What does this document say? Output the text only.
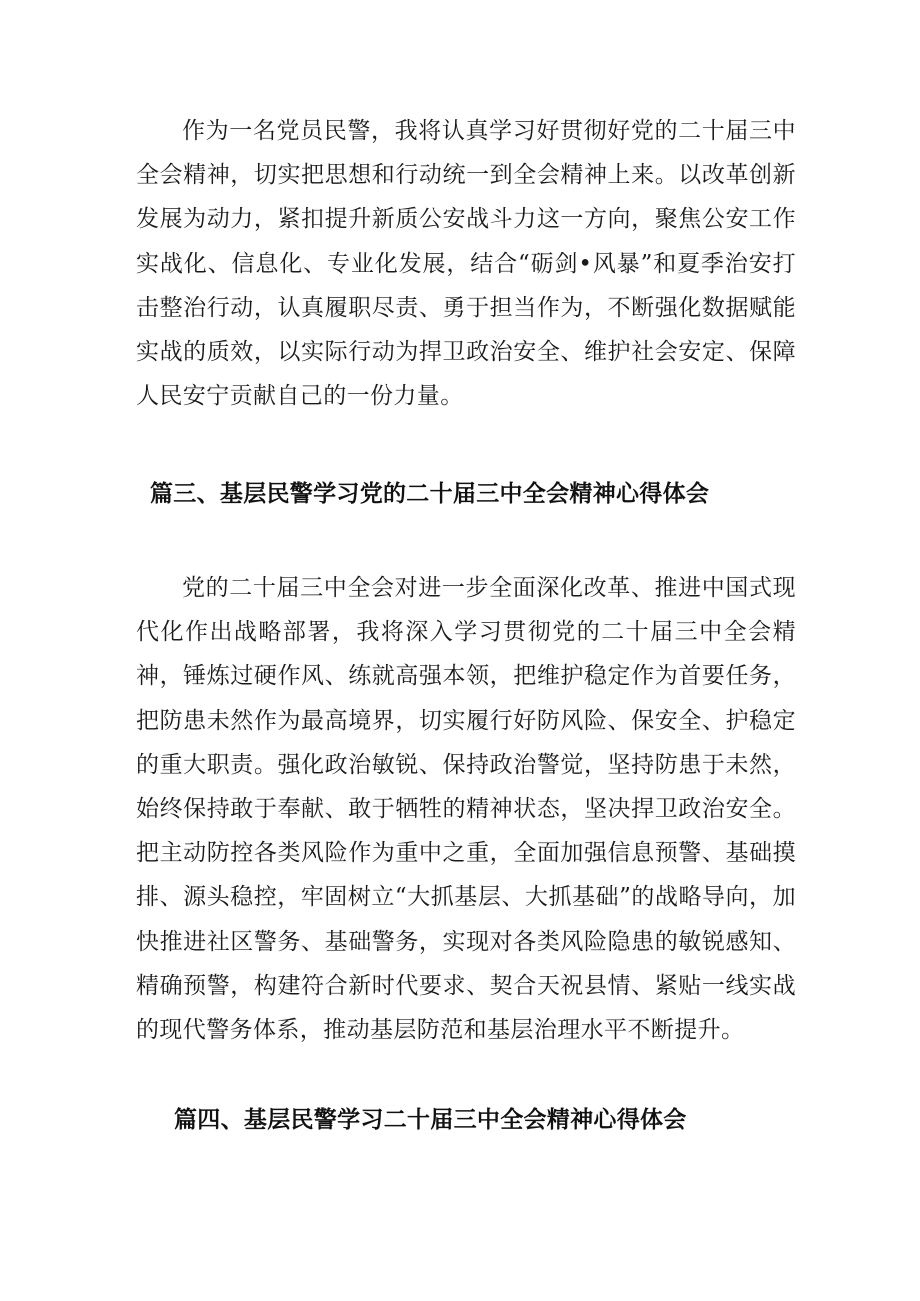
作为一名党员民警，我将认真学习好贯彻好党的二十届三中全会精神，切实把思想和行动统一到全会精神上来。以改革创新发展为动力，紧扣提升新质公安战斗力这一方向，聚焦公安工作实战化、信息化、专业化发展，结合“砺剑•风暴”和夏季治安打击整治行动，认真履职尽责、勇于担当作为，不断强化数据赋能实战的质效，以实际行动为捍卫政治安全、维护社会安定、保障人民安宁贡献自己的一份力量。

篇三、基层民警学习党的二十届三中全会精神心得体会

党的二十届三中全会对进一步全面深化改革、推进中国式现代化作出战略部署，我将深入学习贯彻党的二十届三中全会精神，锤炼过硬作风、练就高强本领，把维护稳定作为首要任务，把防患未然作为最高境界，切实履行好防风险、保安全、护稳定的重大职责。强化政治敏锐、保持政治警觉，坚持防患于未然，始终保持敢于奉献、敢于牺牲的精神状态，坚决捍卫政治安全。把主动防控各类风险作为重中之重，全面加强信息预警、基础摸排、源头稳控，牢固树立“大抓基层、大抓基础”的战略导向，加快推进社区警务、基础警务，实现对各类风险隐患的敏锐感知、精确预警，构建符合新时代要求、契合天祝县情、紧贴一线实战的现代警务体系，推动基层防范和基层治理水平不断提升。

篇四、基层民警学习二十届三中全会精神心得体会
